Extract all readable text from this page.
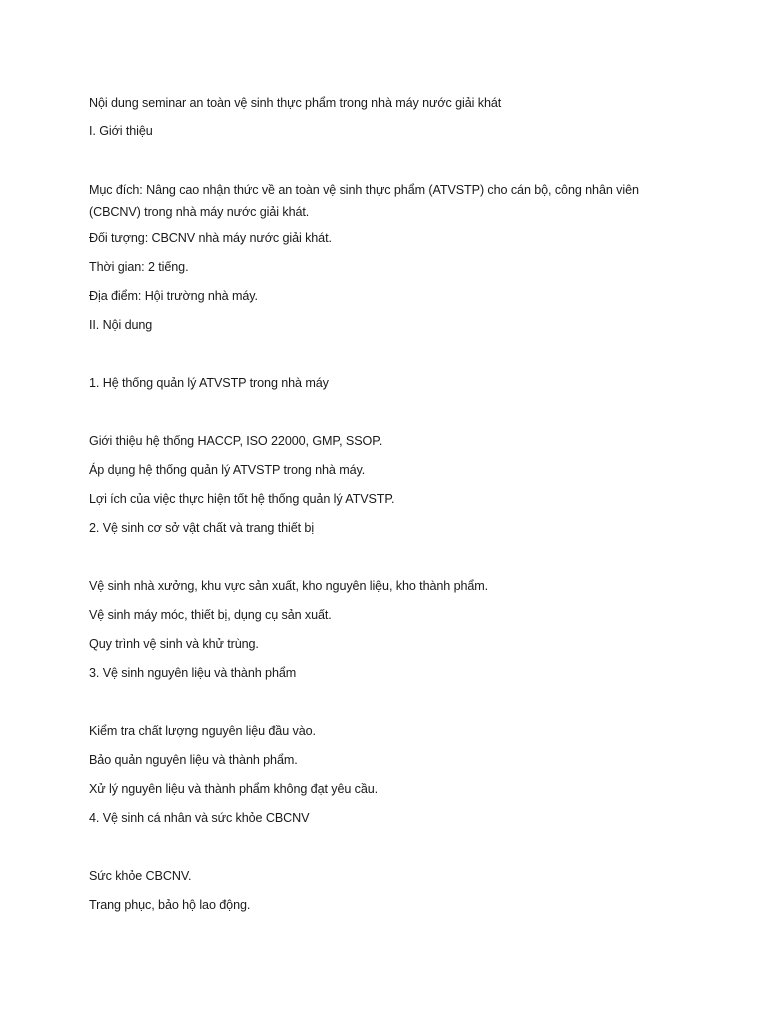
Nội dung seminar an toàn vệ sinh thực phẩm trong nhà máy nước giải khát
I. Giới thiệu
Mục đích: Nâng cao nhận thức về an toàn vệ sinh thực phẩm (ATVSTP) cho cán bộ, công nhân viên (CBCNV) trong nhà máy nước giải khát.
Đối tượng: CBCNV nhà máy nước giải khát.
Thời gian: 2 tiếng.
Địa điểm: Hội trường nhà máy.
II. Nội dung
1. Hệ thống quản lý ATVSTP trong nhà máy
Giới thiệu hệ thống HACCP, ISO 22000, GMP, SSOP.
Áp dụng hệ thống quản lý ATVSTP trong nhà máy.
Lợi ích của việc thực hiện tốt hệ thống quản lý ATVSTP.
2. Vệ sinh cơ sở vật chất và trang thiết bị
Vệ sinh nhà xưởng, khu vực sản xuất, kho nguyên liệu, kho thành phẩm.
Vệ sinh máy móc, thiết bị, dụng cụ sản xuất.
Quy trình vệ sinh và khử trùng.
3. Vệ sinh nguyên liệu và thành phẩm
Kiểm tra chất lượng nguyên liệu đầu vào.
Bảo quản nguyên liệu và thành phẩm.
Xử lý nguyên liệu và thành phẩm không đạt yêu cầu.
4. Vệ sinh cá nhân và sức khỏe CBCNV
Sức khỏe CBCNV.
Trang phục, bảo hộ lao động.
